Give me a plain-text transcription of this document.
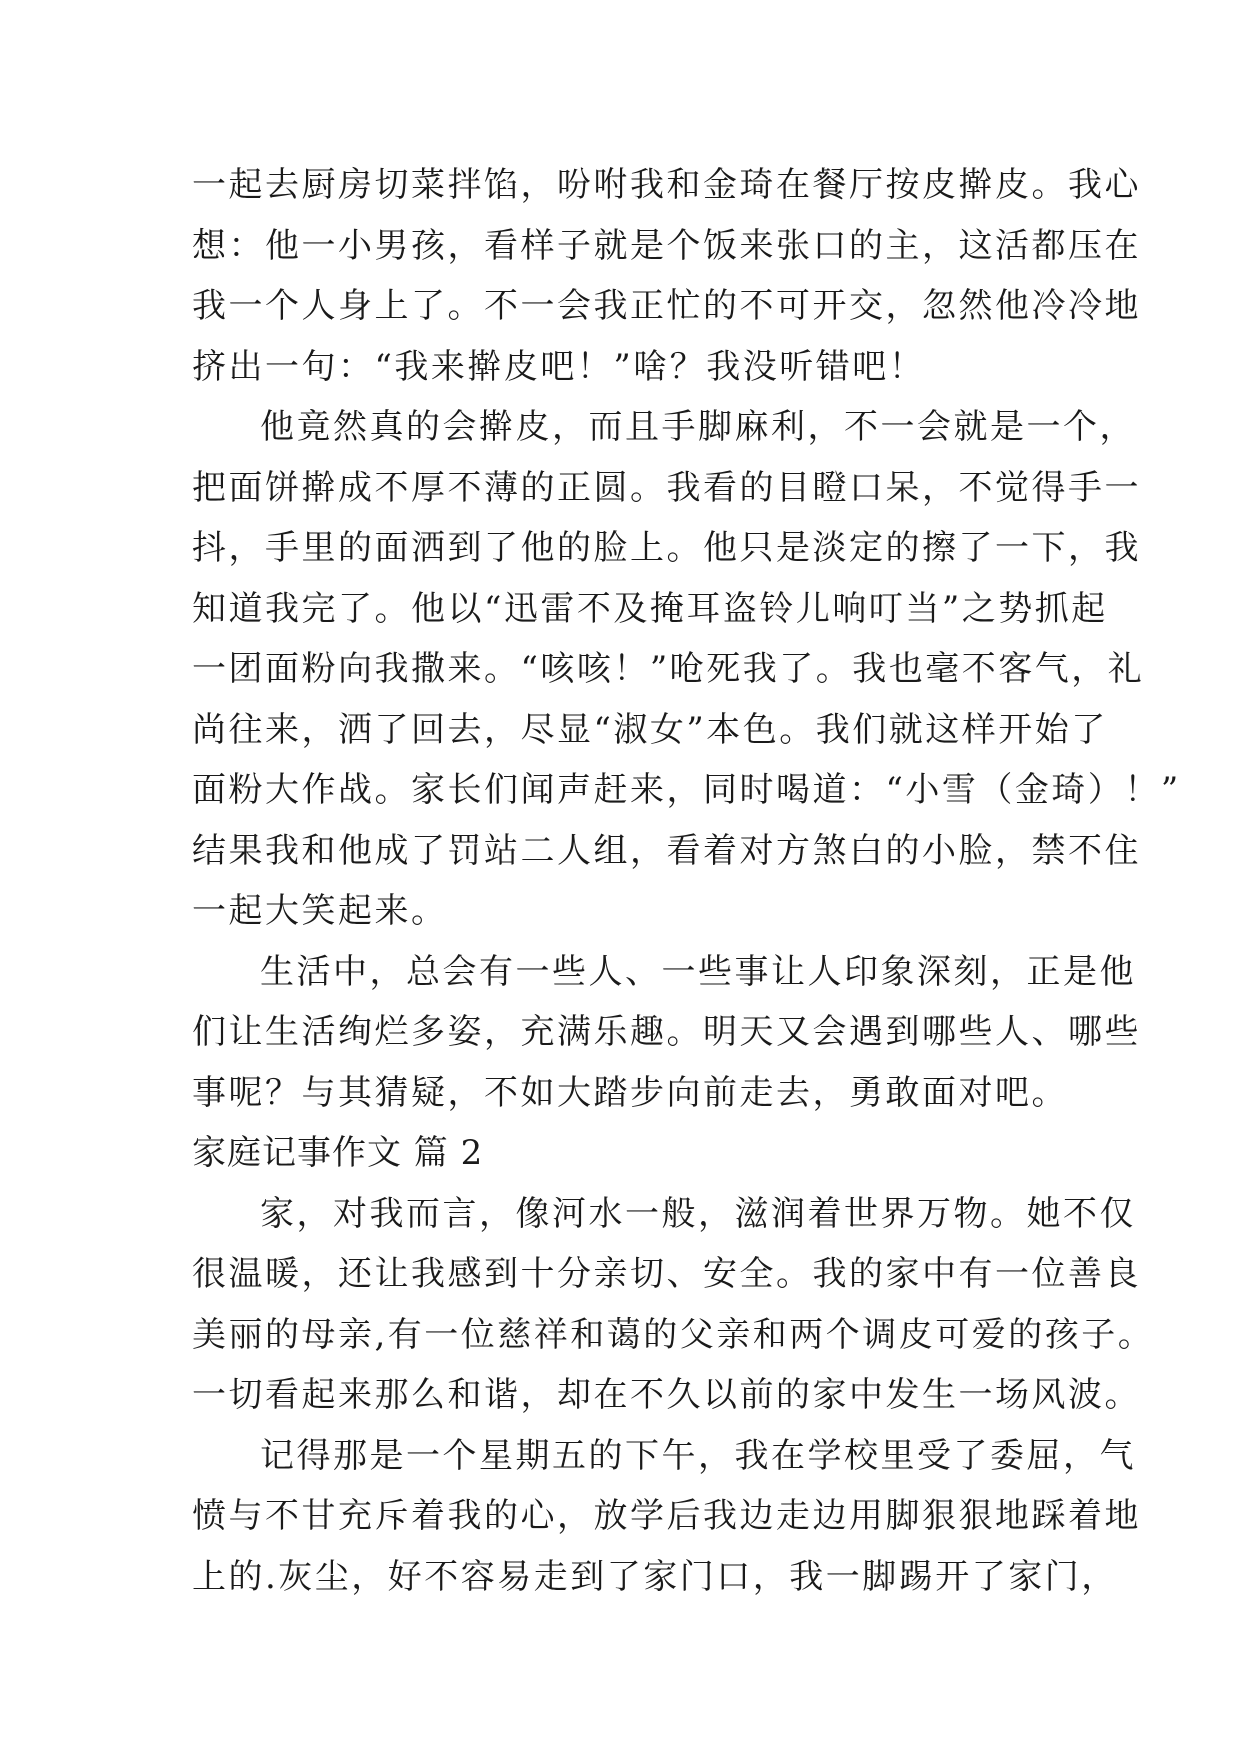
一起去厨房切菜拌馅，吩咐我和金琦在餐厅按皮擀皮。我心
想：他一小男孩，看样子就是个饭来张口的主，这活都压在
我一个人身上了。不一会我正忙的不可开交，忽然他冷冷地
挤出一句：“我来擀皮吧！”啥？我没听错吧！
他竟然真的会擀皮，而且手脚麻利，不一会就是一个，
把面饼擀成不厚不薄的正圆。我看的目瞪口呆，不觉得手一
抖，手里的面洒到了他的脸上。他只是淡定的擦了一下，我
知道我完了。他以“迅雷不及掩耳盗铃儿响叮当”之势抓起
一团面粉向我撒来。“咳咳！”呛死我了。我也毫不客气，礼
尚往来，洒了回去，尽显“淑女”本色。我们就这样开始了
面粉大作战。家长们闻声赶来，同时喝道：“小雪（金琦）！”
结果我和他成了罚站二人组，看着对方煞白的小脸，禁不住
一起大笑起来。
生活中，总会有一些人、一些事让人印象深刻，正是他
们让生活绚烂多姿，充满乐趣。明天又会遇到哪些人、哪些
事呢？与其猜疑，不如大踏步向前走去，勇敢面对吧。
家庭记事作文 篇 2
家，对我而言，像河水一般，滋润着世界万物。她不仅
很温暖，还让我感到十分亲切、安全。我的家中有一位善良
美丽的母亲,有一位慈祥和蔼的父亲和两个调皮可爱的孩子。
一切看起来那么和谐，却在不久以前的家中发生一场风波。
记得那是一个星期五的下午，我在学校里受了委屈，气
愤与不甘充斥着我的心，放学后我边走边用脚狠狠地踩着地
上的.灰尘，好不容易走到了家门口，我一脚踢开了家门，
